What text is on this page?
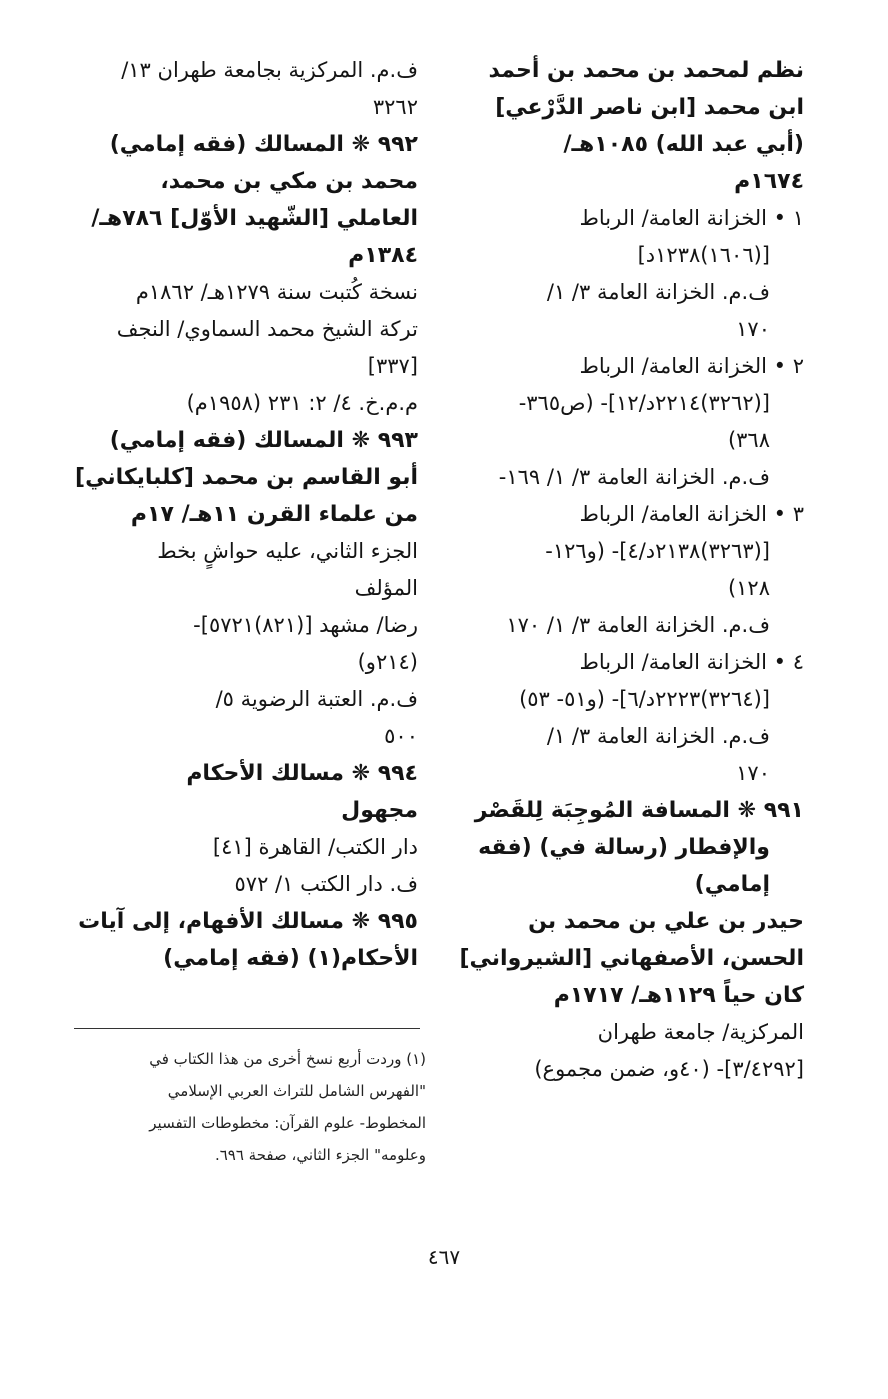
نظم لمحمد بن محمد بن أحمد
ابن محمد [ابن ناصر الدَّرْعي]
(أبي عبد الله) ١٠٨٥هـ/
١٦٧٤م
١ • الخزانة العامة/ الرباط
[(١٦٠٦)١٢٣٨د]
ف.م. الخزانة العامة ٣/ ١/
١٧٠
٢ • الخزانة العامة/ الرباط
[(٣٢٦٢)٢٢١٤د/١٢]- (ص٣٦٥-
٣٦٨)
ف.م. الخزانة العامة ٣/ ١/ ١٦٩-
٣ • الخزانة العامة/ الرباط
[(٣٢٦٣)٢١٣٨د/٤]- (و١٢٦-
١٢٨)
ف.م. الخزانة العامة ٣/ ١/ ١٧٠
٤ • الخزانة العامة/ الرباط
[(٣٢٦٤)٢٢٢٣د/٦]- (و٥١- ٥٣)
ف.م. الخزانة العامة ٣/ ١/
١٧٠
٩٩١ ❋ المسافة المُوجِبَة لِلقَصْر
والإفطار (رسالة في) (فقه
إمامي)
حيدر بن علي بن محمد بن
الحسن، الأصفهاني [الشيرواني]
كان حياً ١١٢٩هـ/ ١٧١٧م
المركزية/ جامعة طهران
[٣/٤٢٩٢]- (٤٠و، ضمن مجموع)
ف.م. المركزية بجامعة طهران ١٣/
٣٢٦٢
٩٩٢ ❋ المسالك (فقه إمامي)
محمد بن مكي بن محمد،
العاملي [الشّهيد الأوّل] ٧٨٦هـ/
١٣٨٤م
نسخة كُتبت سنة ١٢٧٩هـ/ ١٨٦٢م
تركة الشيخ محمد السماوي/ النجف
[٣٣٧]
م.م.خ. ٤/ ٢: ٢٣١ (١٩٥٨م)
٩٩٣ ❋ المسالك (فقه إمامي)
أبو القاسم بن محمد [كلبايكاني]
من علماء القرن ١١هـ/ ١٧م
الجزء الثاني، عليه حواشٍ بخط
المؤلف
رضا/ مشهد [(٨٢١)٥٧٢١]-
(٢١٤و)
ف.م. العتبة الرضوية ٥/
٥٠٠
٩٩٤ ❋ مسالك الأحكام
مجهول
دار الكتب/ القاهرة [٤١]
ف. دار الكتب ١/ ٥٧٢
٩٩٥ ❋ مسالك الأفهام، إلى آيات
الأحكام(١) (فقه إمامي)
(١) وردت أربع نسخ أخرى من هذا الكتاب في
"الفهرس الشامل للتراث العربي الإسلامي
المخطوط- علوم القرآن: مخطوطات التفسير
وعلومه" الجزء الثاني، صفحة ٦٩٦.
٤٦٧
